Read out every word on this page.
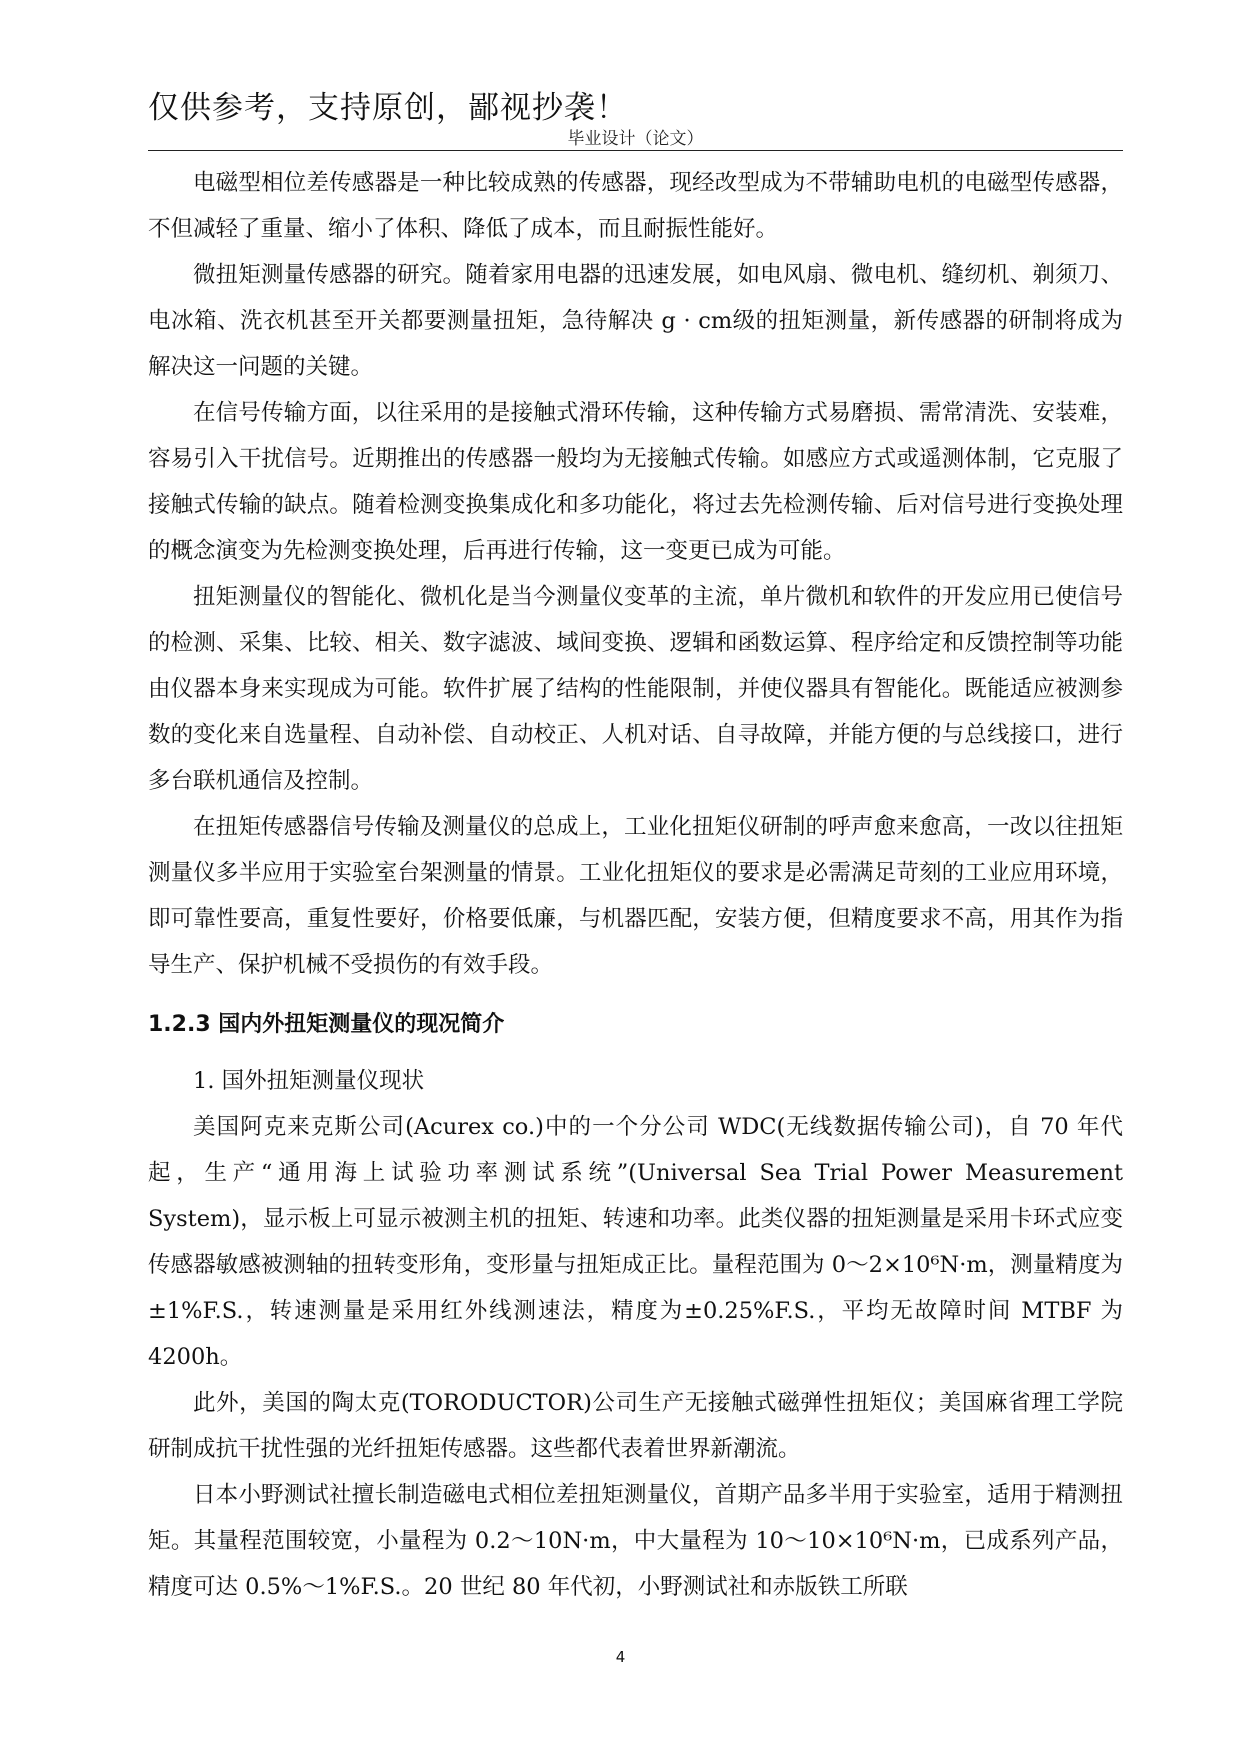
仅供参考，支持原创，鄙视抄袭！
毕业设计（论文）

电磁型相位差传感器是一种比较成熟的传感器，现经改型成为不带辅助电机的电磁型传感器，不但减轻了重量、缩小了体积、降低了成本，而且耐振性能好。

微扭矩测量传感器的研究。随着家用电器的迅速发展，如电风扇、微电机、缝纫机、剃须刀、电冰箱、洗衣机甚至开关都要测量扭矩，急待解决 g · cm级的扭矩测量，新传感器的研制将成为解决这一问题的关键。

在信号传输方面，以往采用的是接触式滑环传输，这种传输方式易磨损、需常清洗、安装难，容易引入干扰信号。近期推出的传感器一般均为无接触式传输。如感应方式或遥测体制，它克服了接触式传输的缺点。随着检测变换集成化和多功能化，将过去先检测传输、后对信号进行变换处理的概念演变为先检测变换处理，后再进行传输，这一变更已成为可能。

扭矩测量仪的智能化、微机化是当今测量仪变革的主流，单片微机和软件的开发应用已使信号的检测、采集、比较、相关、数字滤波、域间变换、逻辑和函数运算、程序给定和反馈控制等功能由仪器本身来实现成为可能。软件扩展了结构的性能限制，并使仪器具有智能化。既能适应被测参数的变化来自选量程、自动补偿、自动校正、人机对话、自寻故障，并能方便的与总线接口，进行多台联机通信及控制。

在扭矩传感器信号传输及测量仪的总成上，工业化扭矩仪研制的呼声愈来愈高，一改以往扭矩测量仪多半应用于实验室台架测量的情景。工业化扭矩仪的要求是必需满足苛刻的工业应用环境，即可靠性要高，重复性要好，价格要低廉，与机器匹配，安装方便，但精度要求不高，用其作为指导生产、保护机械不受损伤的有效手段。

1.2.3 国内外扭矩测量仪的现况简介

1. 国外扭矩测量仪现状

美国阿克来克斯公司(Acurex co.)中的一个分公司 WDC(无线数据传输公司)，自 70 年代起，生产“通用海上试验功率测试系统”(Universal Sea Trial Power Measurement System)，显示板上可显示被测主机的扭矩、转速和功率。此类仪器的扭矩测量是采用卡环式应变传感器敏感被测轴的扭转变形角，变形量与扭矩成正比。量程范围为 0～2×10⁶N·m，测量精度为±1%F.S.，转速测量是采用红外线测速法，精度为±0.25%F.S.，平均无故障时间 MTBF 为 4200h。

此外，美国的陶太克(TORODUCTOR)公司生产无接触式磁弹性扭矩仪；美国麻省理工学院研制成抗干扰性强的光纤扭矩传感器。这些都代表着世界新潮流。

日本小野测试社擅长制造磁电式相位差扭矩测量仪，首期产品多半用于实验室，适用于精测扭矩。其量程范围较宽，小量程为 0.2～10N·m，中大量程为 10～10×10⁶N·m，已成系列产品，精度可达 0.5%～1%F.S.。20 世纪 80 年代初，小野测试社和赤版铁工所联

4
